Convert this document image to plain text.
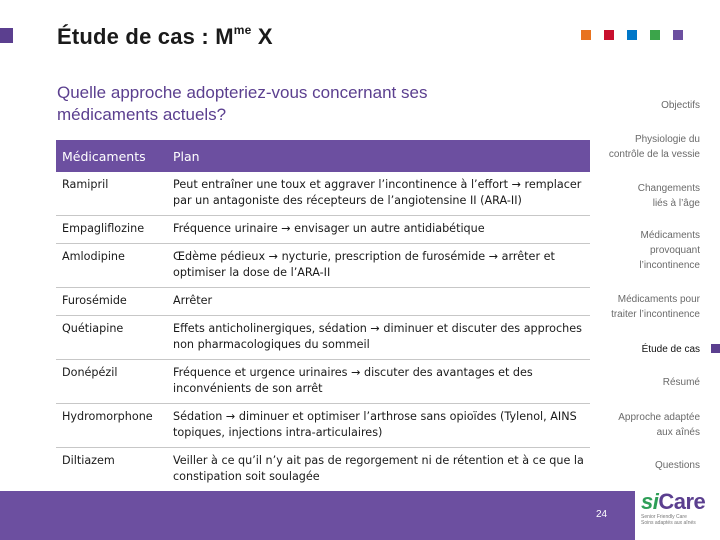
Étude de cas : $M^{me}$ X

Quelle approche adopteriez-vous concernant ses médicaments actuels?

Médicaments	Plan
Ramipril	Peut entraîner une toux et aggraver l’incontinence à l’effort → remplacer par un antagoniste des récepteurs de l’angiotensine II (ARA-II)
Empagliflozine	Fréquence urinaire → envisager un autre antidiabétique
Amlodipine	Œdème pédieux → nycturie, prescription de furosémide → arrêter et optimiser la dose de l’ARA-II
Furosémide	Arrêter
Quétiapine	Effets anticholinergiques, sédation → diminuer et discuter des approches non pharmacologiques du sommeil
Donépézil	Fréquence et urgence urinaires → discuter des avantages et des inconvénients de son arrêt
Hydromorphone	Sédation → diminuer et optimiser l’arthrose sans opioïdes (Tylenol, AINS topiques, injections intra-articulaires)
Diltiazem	Veiller à ce qu’il n’y ait pas de regorgement ni de rétention et à ce que la constipation soit soulagée
Objectifs
Physiologie du contrôle de la vessie
Changements liés à l’âge
Médicaments provoquant l’incontinence
Médicaments pour traiter l’incontinence
Étude de cas
Résumé
Approche adaptée aux aînés
Questions
24
siCare
Senior Friendly Care
Soins adaptés aux aînés
